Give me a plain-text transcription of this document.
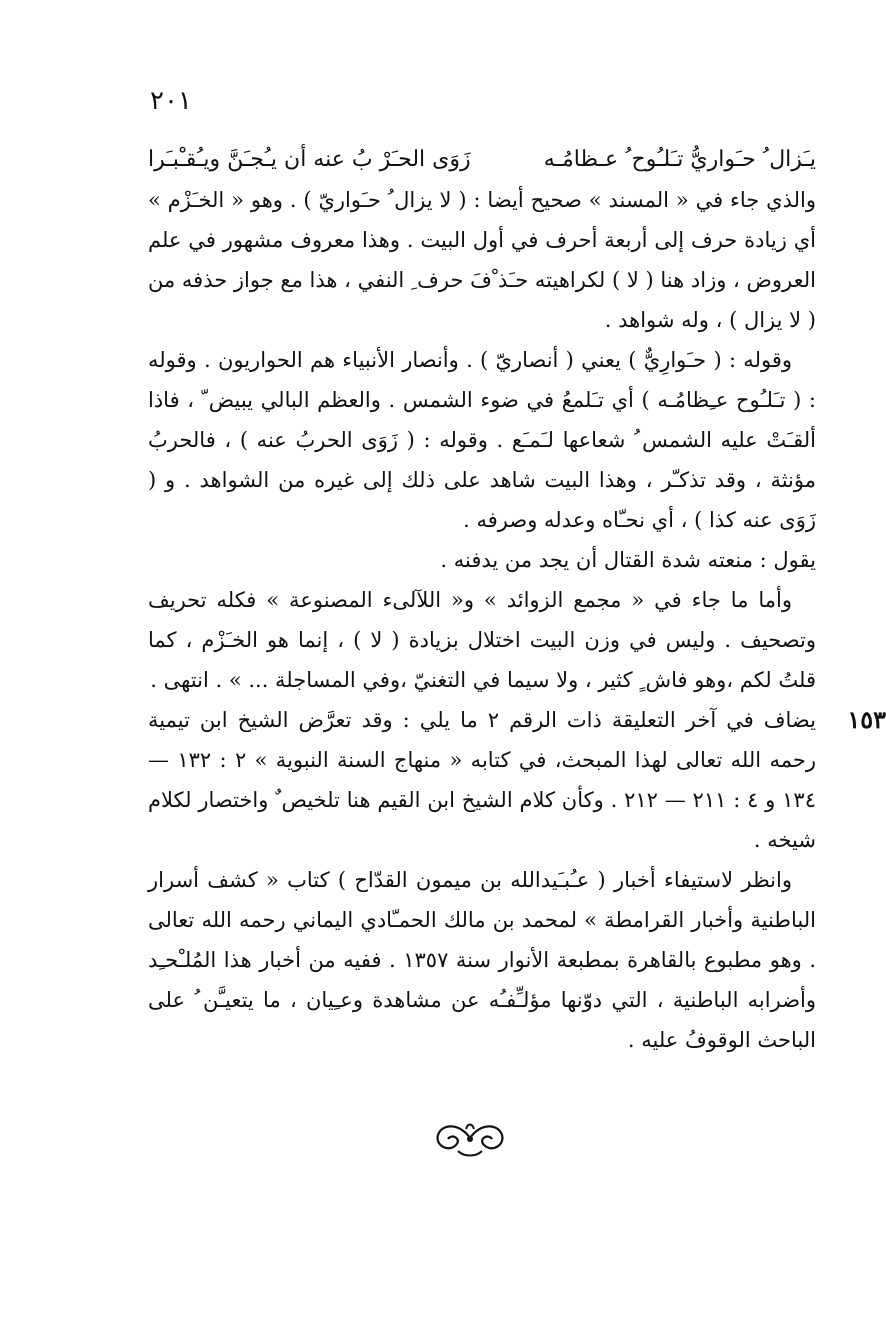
٢٠١
يـَزال ُ حـَواريُّ تـَلـُوح ُ عـظامُـه
زَوَى الحـَرْ بُ عنه أن يـُجـَنَّ ويـُقـْبـَرا

والذي جاء في « المسند » صحيح أيضا : ( لا يزال ُ حـَواريّ ) . وهو « الخـَزْم » أي زيادة حرف إلى أربعة أحرف في أول البيت . وهذا معروف مشهور في علم العروض ، وزاد هنا ( لا ) لكراهيته حـَذ ْفَ حرف ِ النفي ، هذا مع جواز حذفه من ( لا يزال ) ، وله شواهد .

وقوله : ( حـَوارِيٌّ ) يعني ( أنصاريّ ) . وأنصار الأنبياء هم الحواريون . وقوله : ( تـَلـُوح عـِظامُـه ) أي تـَلمعُ في ضوء الشمس . والعظم البالي يبيض ّ ، فاذا ألقـَتْ عليه الشمس ُ شعاعها لـَمـَع . وقوله : ( زَوَى الحربُ عنه ) ، فالحربُ مؤنثة ، وقد تذكـّر ، وهذا البيت شاهد على ذلك إلى غيره من الشواهد . و ( زَوَى عنه كذا ) ، أي نحـّاه وعدله وصرفه .

يقول : منعته شدة القتال أن يجد من يدفنه .

وأما ما جاء في « مجمع الزوائد » و« اللآلىء المصنوعة » فكله تحريف وتصحيف . وليس في وزن البيت اختلال بزيادة ( لا ) ، إنما هو الخـَزْم ، كما قلتُ لكم ،وهو فاش ٍ كثير ، ولا سيما في التغنيّ ،وفي المساجلة ... » . انتهى .

١٥٣

يضاف في آخر التعليقة ذات الرقم ٢ ما يلي : وقد تعرَّض الشيخ ابن تيمية رحمه الله تعالى لهذا المبحث، في كتابه « منهاج السنة النبوية » ٢ : ١٣٢ — ١٣٤ و ٤ : ٢١١ — ٢١٢ . وكأن كلام الشيخ ابن القيم هنا تلخيص ٌ واختصار لكلام شيخه .

وانظر لاستيفاء أخبار ( عـُبـَيدالله بن ميمون القدّاح ) كتاب « كشف أسرار الباطنية وأخبار القرامطة » لمحمد بن مالك الحمـّادي اليماني رحمه الله تعالى . وهو مطبوع بالقاهرة بمطبعة الأنوار سنة ١٣٥٧ . ففيه من أخبار هذا المُلـْحـِد وأضرابه الباطنية ، التي دوّنها مؤلـِّفـُه عن مشاهدة وعـِيان ، ما يتعيـَّن ُ على الباحث الوقوفُ عليه .
